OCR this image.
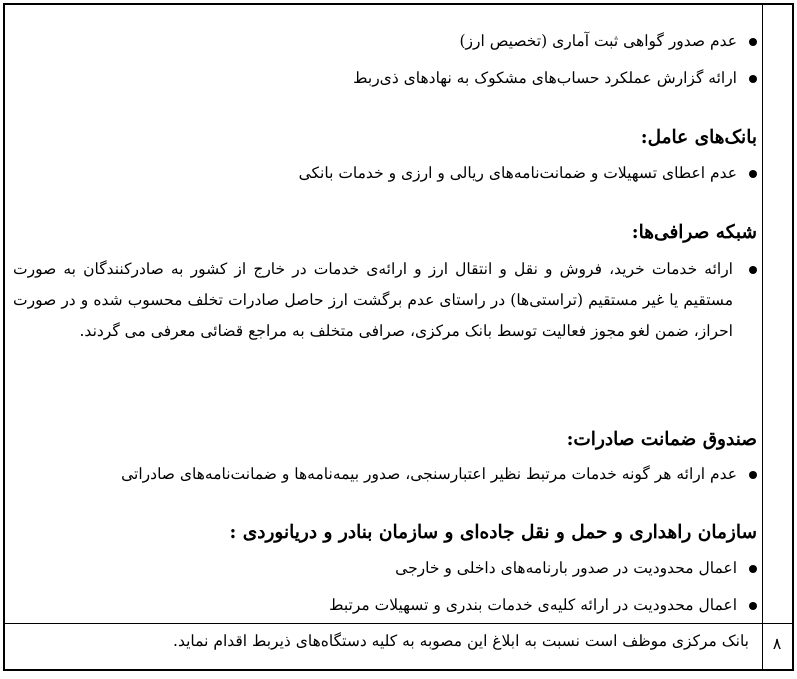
عدم صدور گواهی ثبت آماری (تخصیص ارز)
ارائه گزارش عملکرد حساب‌های مشکوک به نهادهای ذی‌ربط
بانک‌های عامل:
عدم اعطای تسهیلات و ضمانت‌نامه‌های ریالی و ارزی و خدمات بانکی
شبکه صرافی‌ها:
ارائه خدمات خرید، فروش و نقل و انتقال ارز و ارائه‌ی خدمات در خارج از کشور به صادرکنندگان به صورت مستقیم یا غیر مستقیم (تراستی‌ها) در راستای عدم برگشت ارز حاصل صادرات تخلف محسوب شده و در صورت احراز، ضمن لغو مجوز فعالیت توسط بانک مرکزی، صرافی متخلف به مراجع قضائی معرفی می گردند.
صندوق ضمانت صادرات:
عدم ارائه هر گونه خدمات مرتبط نظیر اعتبارسنجی، صدور بیمه‌نامه‌ها و ضمانت‌نامه‌های صادراتی
سازمان راهداری و حمل و نقل جاده‌ای و سازمان بنادر و دریانوردی :
اعمال محدودیت در صدور بارنامه‌های داخلی و خارجی
اعمال محدودیت در ارائه کلیه‌ی خدمات بندری و تسهیلات مرتبط
۸
بانک مرکزی موظف است نسبت به ابلاغ این مصوبه به کلیه دستگاه‌های ذیربط اقدام نماید.
